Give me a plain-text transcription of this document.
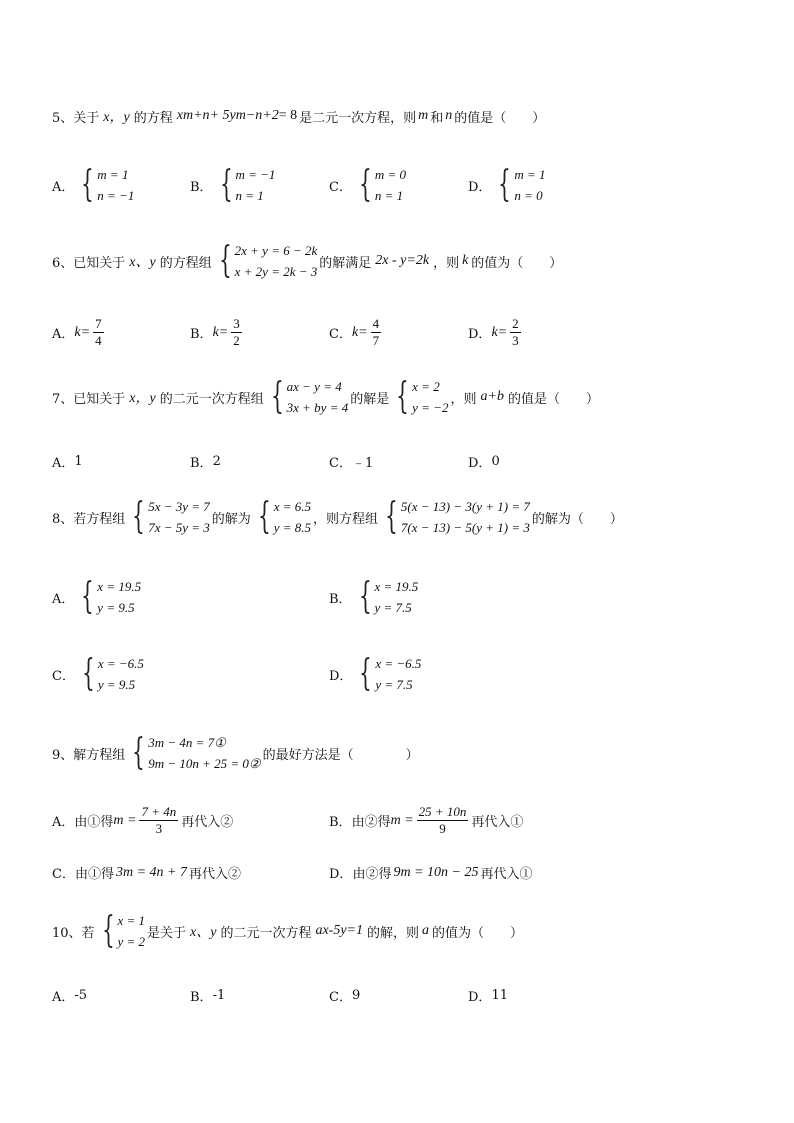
5、关于 x，y 的方程 x m+n + 5y m−n+2 = 8 是二元一次方程，则 m 和 n 的值是（　　）
A． { m = 1
n = −1
B． { m = −1
n = 1
C． { m = 0
n = 1
D． { m = 1
n = 0
6、已知关于 x、y 的方程组 { 2x + y = 6 − 2k
x + 2y = 2k − 3
的解满足 2x - y=2k ，则 k 的值为（　　）
A． $k= \frac{7}{4}$	B． $k= \frac{3}{2}$	C． $k= \frac{4}{7}$	D． $k= \frac{2}{3}$
7、已知关于 x，y 的二元一次方程组 { ax − y = 4
3x + by = 4
的解是 { x = 2
y = −2
，则 a+b 的值是（　　）
A． 1	B． 2	C． ﹣1	D． 0
8、若方程组 { 5x − 3y = 7
7x − 5y = 3
的解为 { x = 6.5
y = 8.5
，则方程组 { 5(x − 13) − 3(y + 1) = 7
7(x − 13) − 5(y + 1) = 3
的解为（　　）
A． { x = 19.5
y = 9.5
B． { x = 19.5
y = 7.5
C． { x = −6.5
y = 9.5
D． { x = −6.5
y = 7.5
9、解方程组 { 3m − 4n = 7①
9m − 10n + 25 = 0②
的最好方法是（　　　　）
A． 由①得 $m = \frac{7 + 4n}{3}$ 再代入②	B． 由②得 $m = \frac{25 + 10n}{9}$ 再代入①
C． 由①得 3m = 4n + 7 再代入②	D． 由②得 9m = 10n − 25 再代入①
10、若 { x = 1
y = 2
是关于 x、y 的二元一次方程 ax-5y=1 的解，则 a 的值为（　　）
A． -5	B． -1	C． 9	D． 11
